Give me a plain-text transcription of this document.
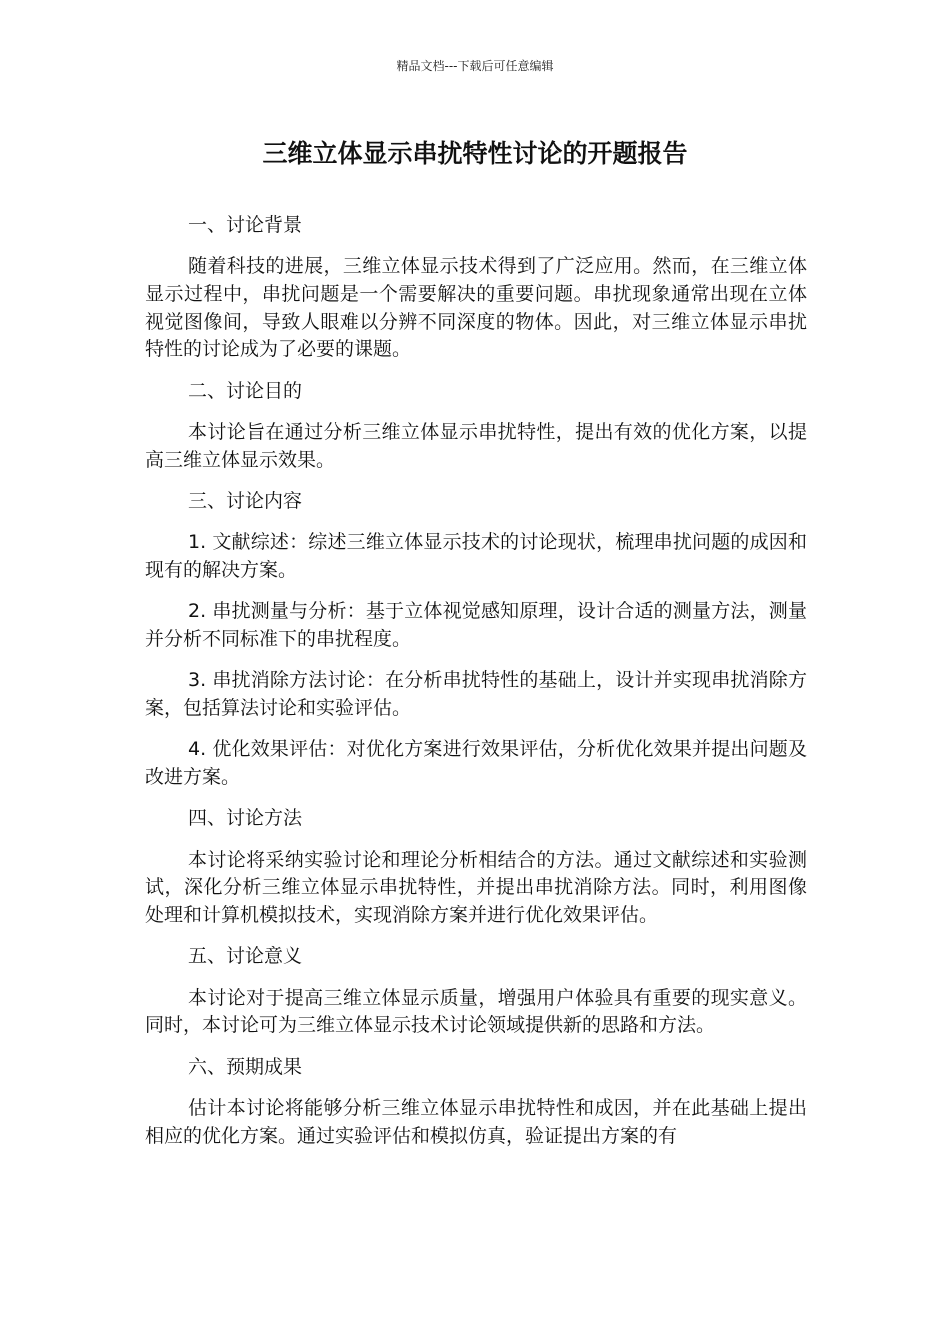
精品文档---下载后可任意编辑
三维立体显示串扰特性讨论的开题报告
一、讨论背景

随着科技的进展，三维立体显示技术得到了广泛应用。然而，在三维立体显示过程中，串扰问题是一个需要解决的重要问题。串扰现象通常出现在立体视觉图像间，导致人眼难以分辨不同深度的物体。因此，对三维立体显示串扰特性的讨论成为了必要的课题。

二、讨论目的

本讨论旨在通过分析三维立体显示串扰特性，提出有效的优化方案，以提高三维立体显示效果。

三、讨论内容

1. 文献综述：综述三维立体显示技术的讨论现状，梳理串扰问题的成因和现有的解决方案。

2. 串扰测量与分析：基于立体视觉感知原理，设计合适的测量方法，测量并分析不同标准下的串扰程度。

3. 串扰消除方法讨论：在分析串扰特性的基础上，设计并实现串扰消除方案，包括算法讨论和实验评估。

4. 优化效果评估：对优化方案进行效果评估，分析优化效果并提出问题及改进方案。

四、讨论方法

本讨论将采纳实验讨论和理论分析相结合的方法。通过文献综述和实验测试，深化分析三维立体显示串扰特性，并提出串扰消除方法。同时，利用图像处理和计算机模拟技术，实现消除方案并进行优化效果评估。

五、讨论意义

本讨论对于提高三维立体显示质量，增强用户体验具有重要的现实意义。同时，本讨论可为三维立体显示技术讨论领域提供新的思路和方法。

六、预期成果

估计本讨论将能够分析三维立体显示串扰特性和成因，并在此基础上提出相应的优化方案。通过实验评估和模拟仿真，验证提出方案的有
